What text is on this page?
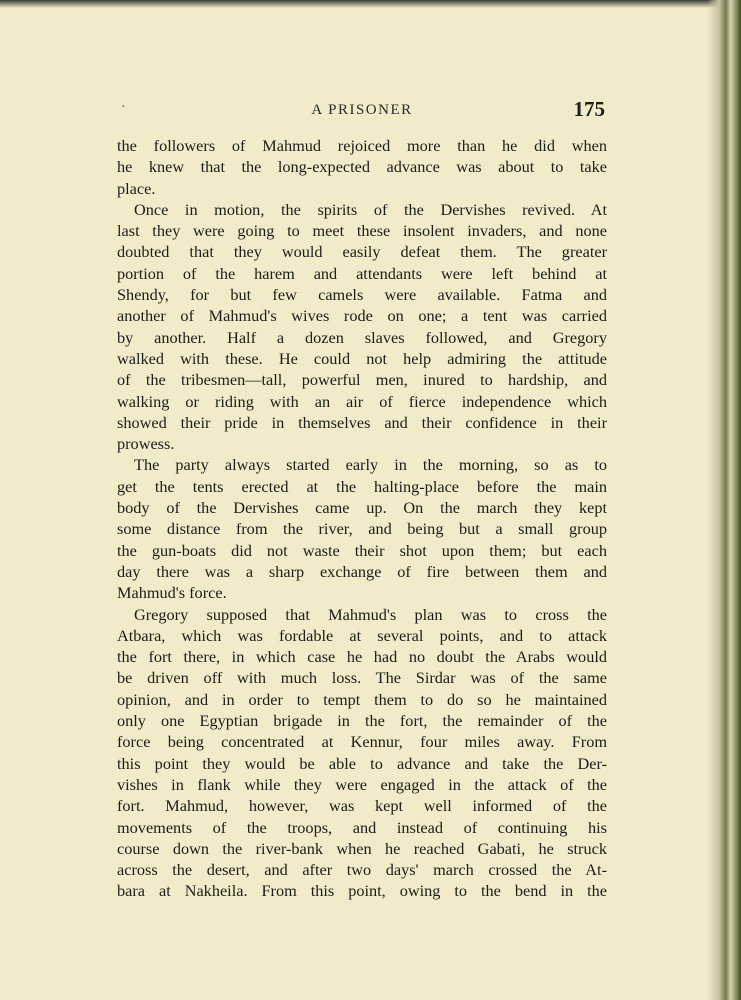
·	A PRISONER	175
the followers of Mahmud rejoiced more than he did when
he knew that the long-expected advance was about to take
place.
Once in motion, the spirits of the Dervishes revived. At
last they were going to meet these insolent invaders, and none
doubted that they would easily defeat them. The greater
portion of the harem and attendants were left behind at
Shendy, for but few camels were available. Fatma and
another of Mahmud's wives rode on one; a tent was carried
by another. Half a dozen slaves followed, and Gregory
walked with these. He could not help admiring the attitude
of the tribesmen—tall, powerful men, inured to hardship, and
walking or riding with an air of fierce independence which
showed their pride in themselves and their confidence in their
prowess.
The party always started early in the morning, so as to
get the tents erected at the halting-place before the main
body of the Dervishes came up. On the march they kept
some distance from the river, and being but a small group
the gun-boats did not waste their shot upon them; but each
day there was a sharp exchange of fire between them and
Mahmud's force.
Gregory supposed that Mahmud's plan was to cross the
Atbara, which was fordable at several points, and to attack
the fort there, in which case he had no doubt the Arabs would
be driven off with much loss. The Sirdar was of the same
opinion, and in order to tempt them to do so he maintained
only one Egyptian brigade in the fort, the remainder of the
force being concentrated at Kennur, four miles away. From
this point they would be able to advance and take the Der-
vishes in flank while they were engaged in the attack of the
fort. Mahmud, however, was kept well informed of the
movements of the troops, and instead of continuing his
course down the river-bank when he reached Gabati, he struck
across the desert, and after two days' march crossed the At-
bara at Nakheila. From this point, owing to the bend in the
